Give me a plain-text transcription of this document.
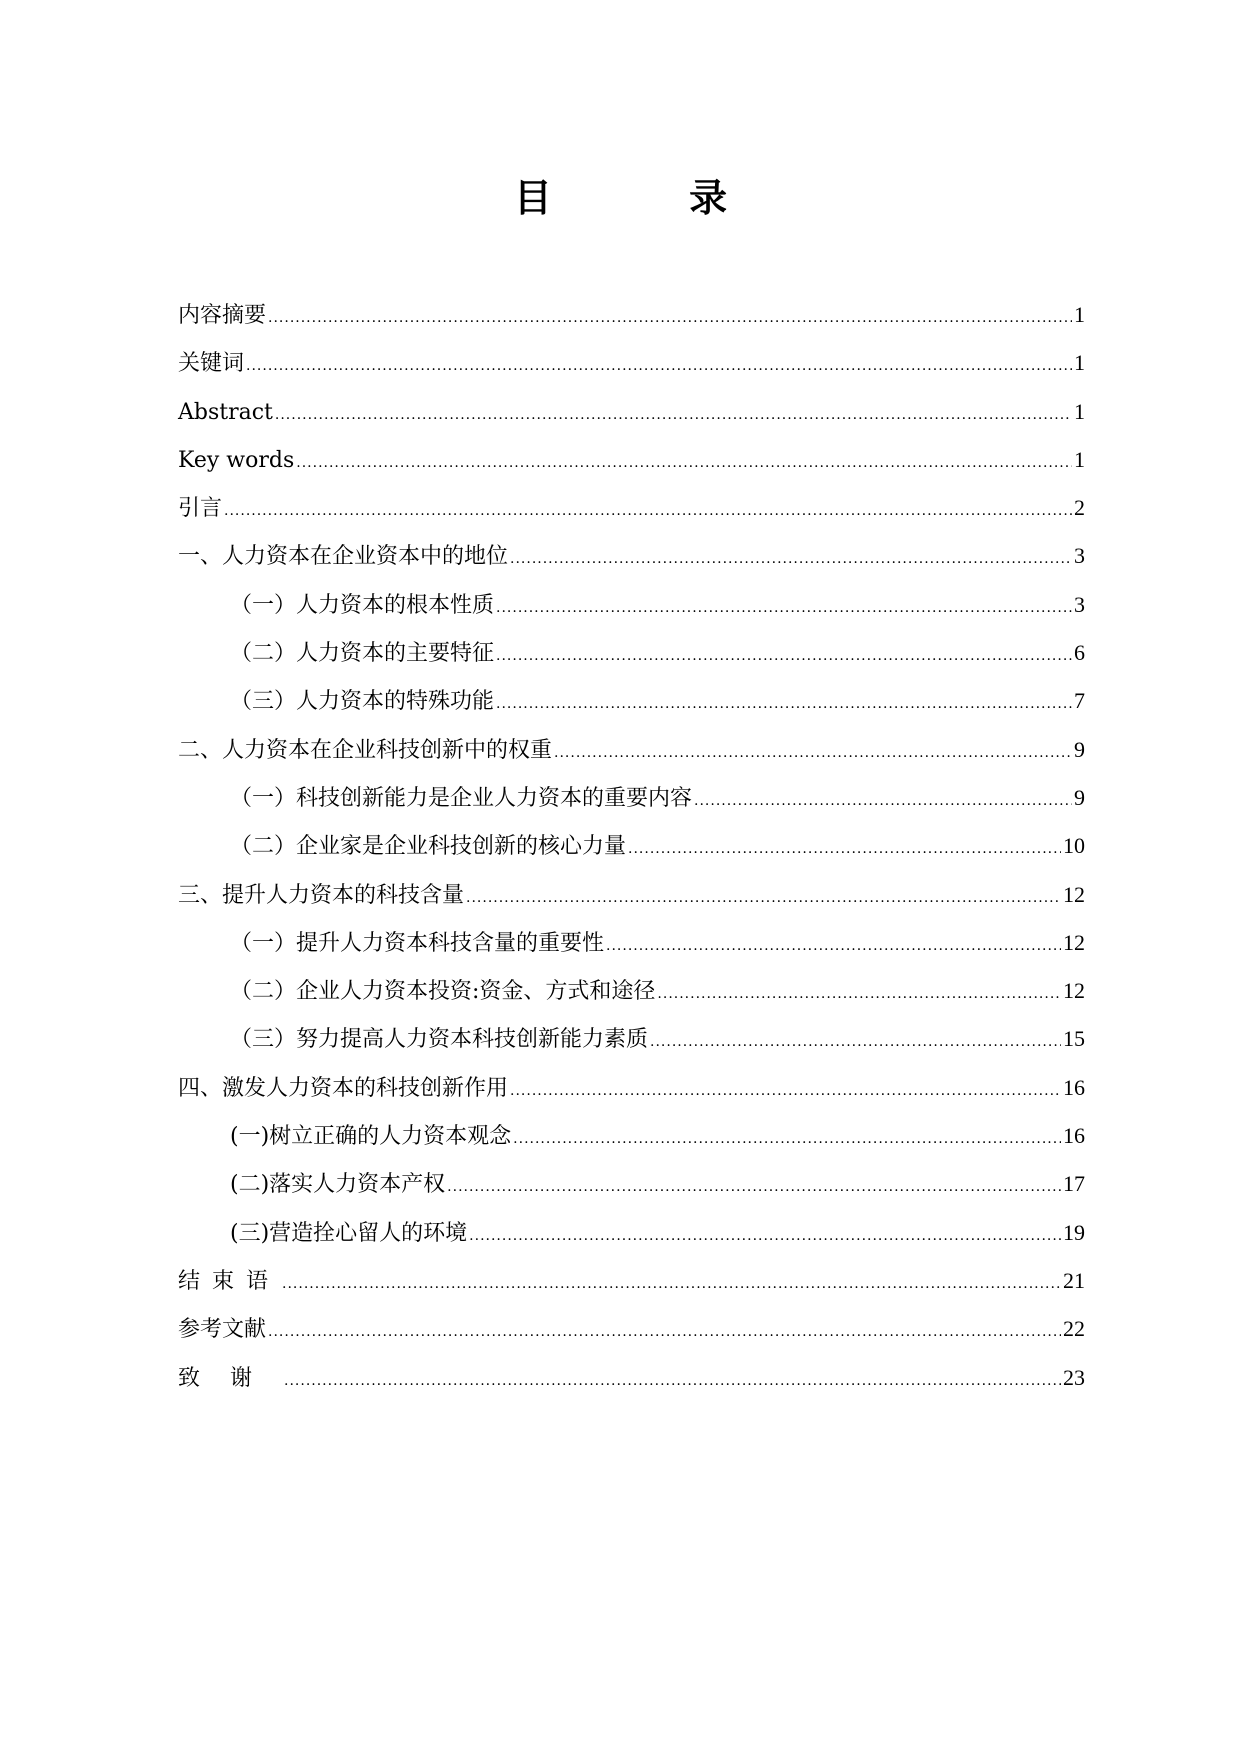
目 录
内容摘要 .....	1
关键词 .....	1
Abstract .....	1
Key words .....	1
引言 .....	2
一、人力资本在企业资本中的地位 .....	3
（一）人力资本的根本性质 .....	3
（二）人力资本的主要特征 .....	6
（三）人力资本的特殊功能 .....	7
二、人力资本在企业科技创新中的权重 .....	9
（一）科技创新能力是企业人力资本的重要内容 .....	9
（二）企业家是企业科技创新的核心力量 .....	10
三、提升人力资本的科技含量 .....	12
（一）提升人力资本科技含量的重要性 .....	12
（二）企业人力资本投资:资金、方式和途径 .....	12
（三）努力提高人力资本科技创新能力素质 .....	15
四、激发人力资本的科技创新作用 .....	16
(一)树立正确的人力资本观念 .....	16
(二)落实人力资本产权 .....	17
(三)营造拴心留人的环境 .....	19
结束语 .....	21
参考文献 .....	22
致谢 .....	23
